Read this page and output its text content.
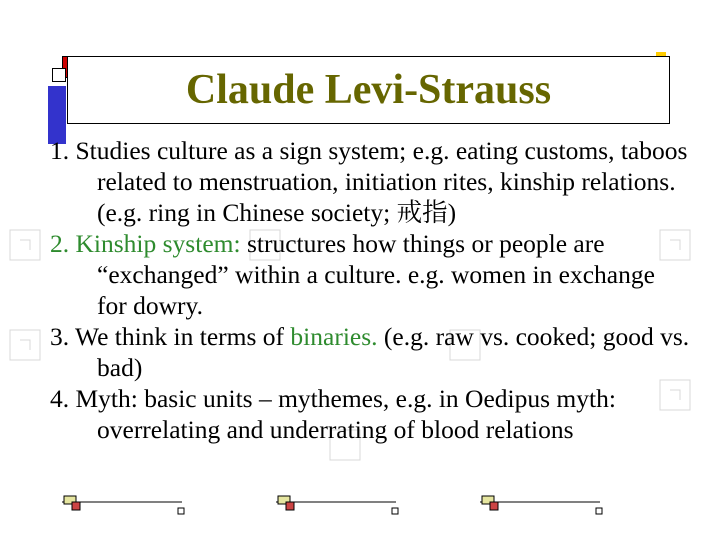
Claude Levi-Strauss
1. Studies culture as a sign system; e.g. eating customs, taboos related to menstruation, initiation rites, kinship relations. (e.g. ring in Chinese society; 戒指)
2. Kinship system: structures how things or people are “exchanged” within a culture. e.g. women in exchange for dowry.
3. We think in terms of binaries. (e.g. raw vs. cooked; good vs. bad)
4. Myth: basic units – mythemes, e.g. in Oedipus myth: overrelating and underrating of blood relations
